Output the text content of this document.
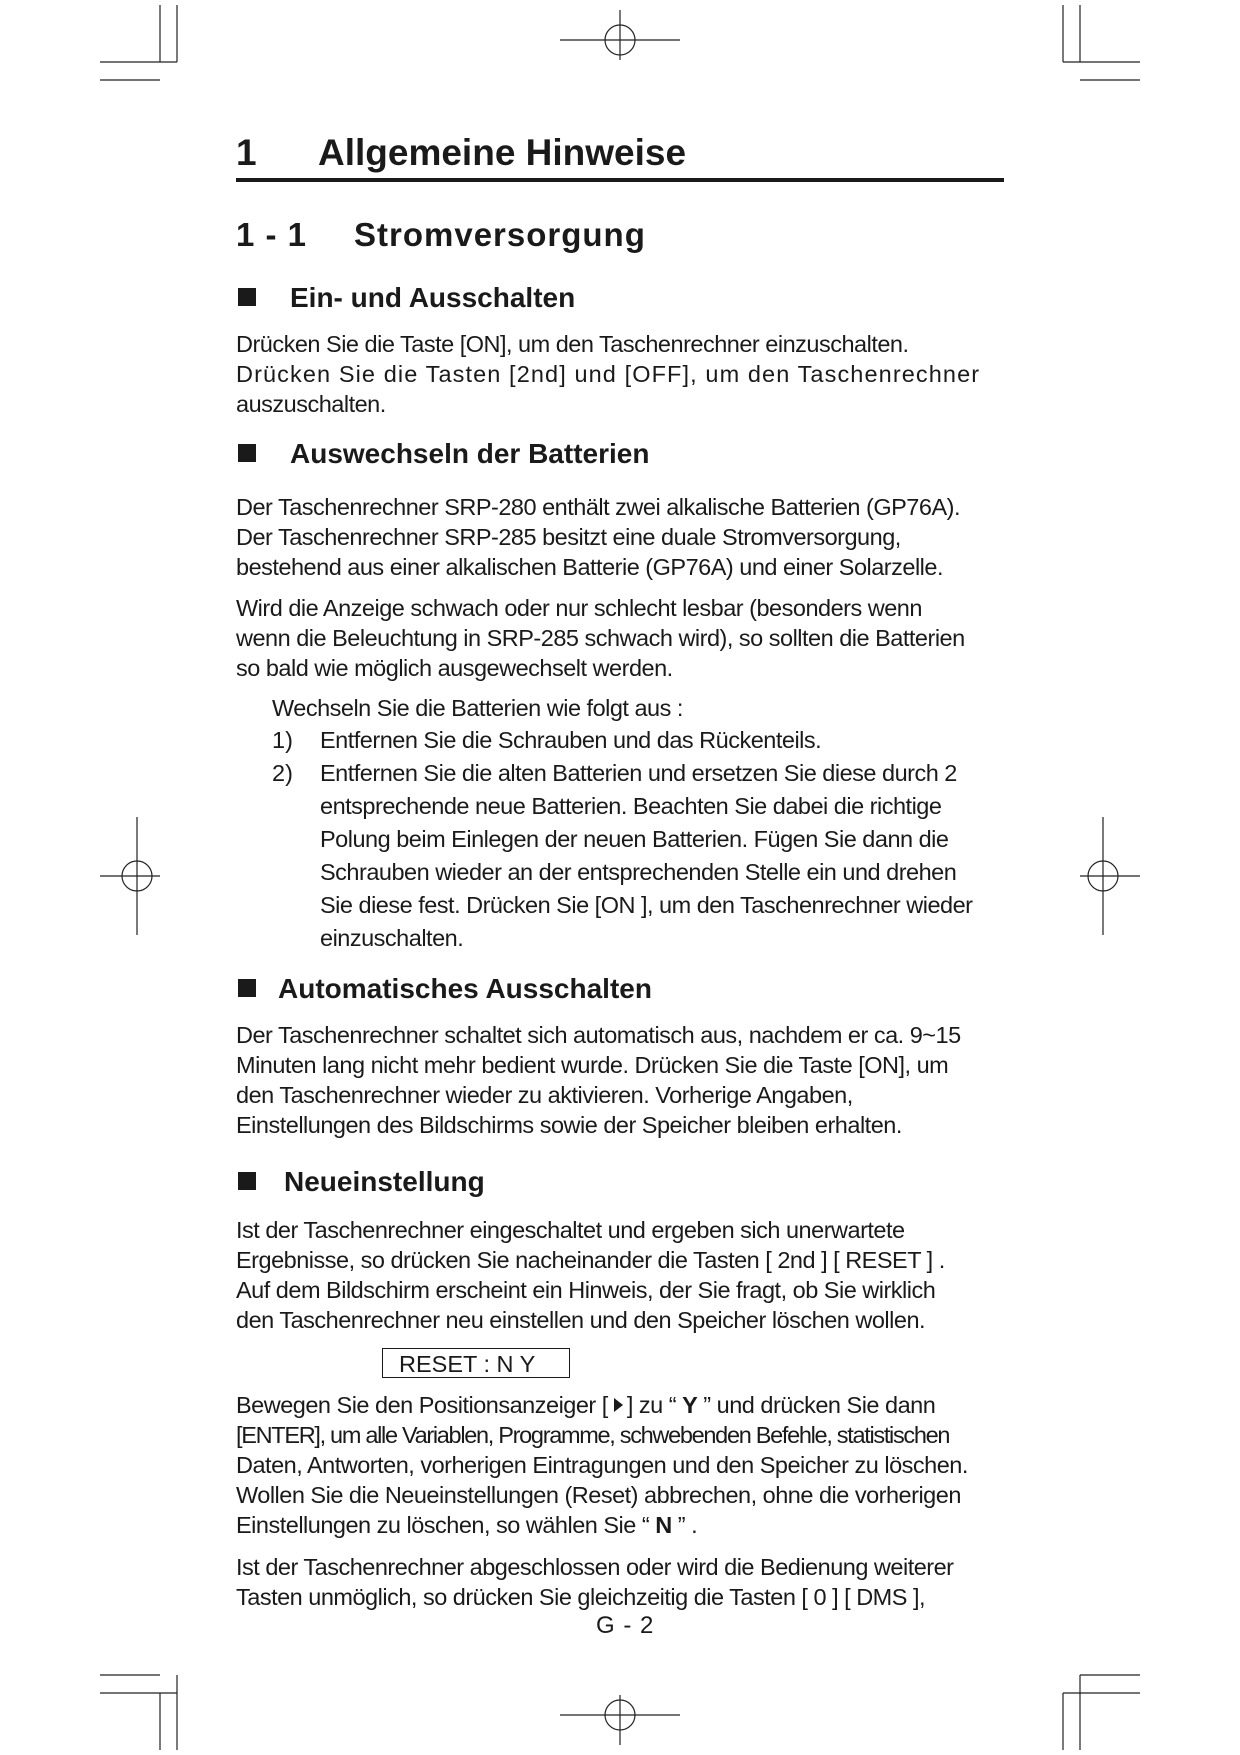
1 Allgemeine Hinweise
1 - 1 Stromversorgung
Ein- und Ausschalten
Drücken Sie die Taste [ON], um den Taschenrechner einzuschalten.
Drücken Sie die Tasten [2nd] und [OFF], um den Taschenrechner
auszuschalten.
Auswechseln der Batterien
Der Taschenrechner SRP-280 enthält zwei alkalische Batterien (GP76A).
Der Taschenrechner SRP-285 besitzt eine duale Stromversorgung,
bestehend aus einer alkalischen Batterie (GP76A) und einer Solarzelle.
Wird die Anzeige schwach oder nur schlecht lesbar (besonders wenn
wenn die Beleuchtung in SRP-285 schwach wird), so sollten die Batterien
so bald wie möglich ausgewechselt werden.
Wechseln Sie die Batterien wie folgt aus :
1) Entfernen Sie die Schrauben und das Rückenteils.
2) Entfernen Sie die alten Batterien und ersetzen Sie diese durch 2
entsprechende neue Batterien. Beachten Sie dabei die richtige
Polung beim Einlegen der neuen Batterien. Fügen Sie dann die
Schrauben wieder an der entsprechenden Stelle ein und drehen
Sie diese fest. Drücken Sie [ON ], um den Taschenrechner wieder
einzuschalten.
Automatisches Ausschalten
Der Taschenrechner schaltet sich automatisch aus, nachdem er ca. 9~15
Minuten lang nicht mehr bedient wurde. Drücken Sie die Taste [ON], um
den Taschenrechner wieder zu aktivieren. Vorherige Angaben,
Einstellungen des Bildschirms sowie der Speicher bleiben erhalten.
Neueinstellung
Ist der Taschenrechner eingeschaltet und ergeben sich unerwartete
Ergebnisse, so drücken Sie nacheinander die Tasten [ 2nd ] [ RESET ] .
Auf dem Bildschirm erscheint ein Hinweis, der Sie fragt, ob Sie wirklich
den Taschenrechner neu einstellen und den Speicher löschen wollen.
RESET : N Y
Bewegen Sie den Positionsanzeiger [ ] zu “ Y ” und drücken Sie dann
[ENTER], um alle Variablen, Programme, schwebenden Befehle, statistischen
Daten, Antworten, vorherigen Eintragungen und den Speicher zu löschen.
Wollen Sie die Neueinstellungen (Reset) abbrechen, ohne die vorherigen
Einstellungen zu löschen, so wählen Sie “ N ” .
Ist der Taschenrechner abgeschlossen oder wird die Bedienung weiterer
Tasten unmöglich, so drücken Sie gleichzeitig die Tasten [ 0 ] [ DMS ],
G - 2
